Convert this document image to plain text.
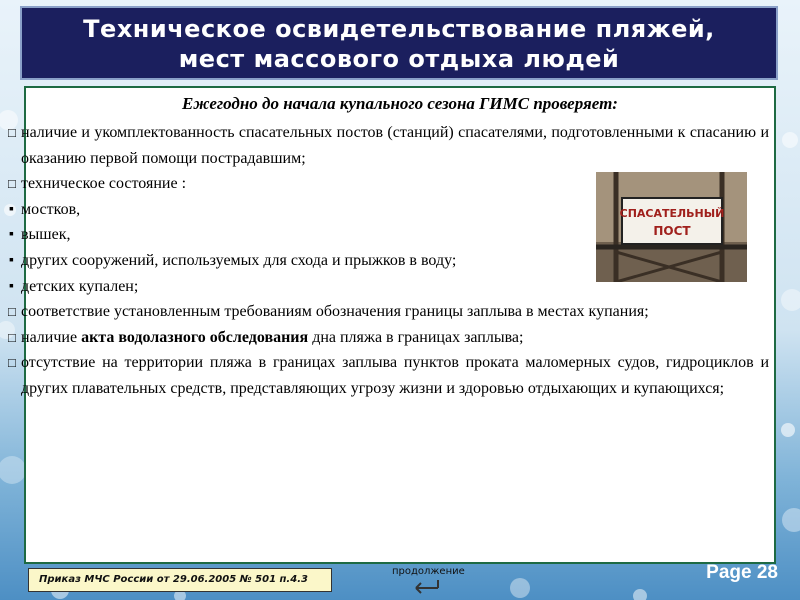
Техническое освидетельствование пляжей,
мест массового отдыха людей
Ежегодно до начала купального сезона ГИМС проверяет:
СПАСАТЕЛЬНЫЙ
ПОСТ
□ наличие и укомплектованность спасательных постов (станций) спасателями, подготовленными к спасанию и оказанию первой помощи пострадавшим;
□ техническое состояние :
▪ мостков,
▪ вышек,
▪ других сооружений, используемых для схода и прыжков в воду;
▪ детских купален;
□ соответствие установленным требованиям обозначения границы заплыва в местах купания;
□ наличие акта водолазного обследования дна пляжа в границах заплыва;
□ отсутствие на территории пляжа в границах заплыва пунктов проката маломерных судов, гидроциклов и других плавательных средств, представляющих угрозу жизни и здоровью отдыхающих и купающихся;
Приказ МЧС России от 29.06.2005 № 501 п.4.3
продолжение	Page 28
